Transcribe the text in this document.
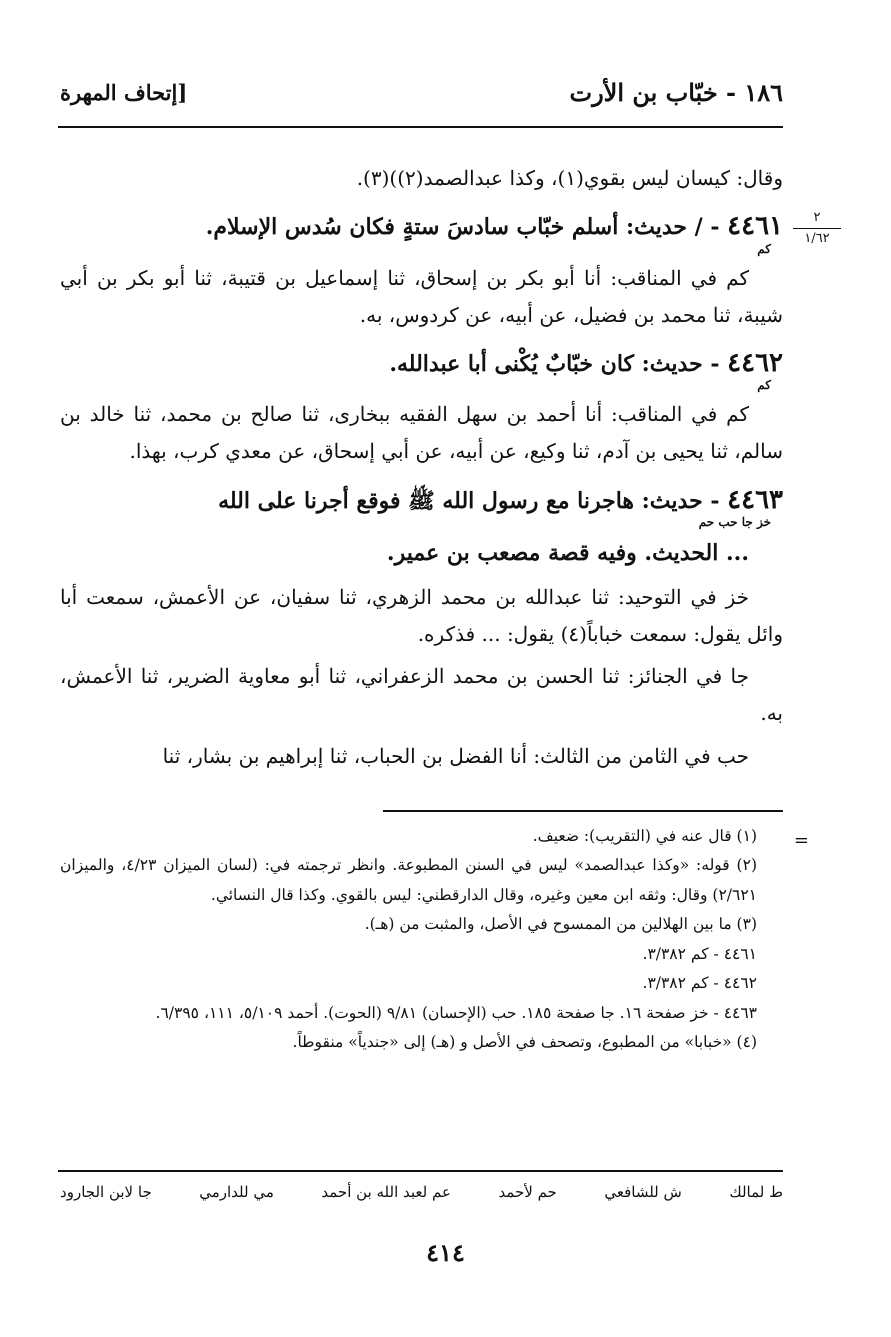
١٨٦ - خبّاب بن الأرت
[إتحاف المهرة
٢
١/٦٢

وقال: كيسان ليس بقوي(١)، وكذا عبدالصمد(٢))(٣).

٤٤٦١ - / حديث: أسلم خبّاب سادسَ ستةٍ فكان سُدس الإسلام.
كم

كم في المناقب: أنا أبو بكر بن إسحاق، ثنا إسماعيل بن قتيبة، ثنا أبو بكر بن أبي شيبة، ثنا محمد بن فضيل، عن أبيه، عن كردوس، به.

٤٤٦٢ - حديث: كان خبّابٌ يُكْنى أبا عبدالله.
كم

كم في المناقب: أنا أحمد بن سهل الفقيه ببخارى، ثنا صالح بن محمد، ثنا خالد بن سالم، ثنا يحيى بن آدم، ثنا وكيع، عن أبيه، عن أبي إسحاق، عن معدي كرب، بهذا.

٤٤٦٣ - حديث: هاجرنا مع رسول الله ﷺ فوقع أجرنا على الله
خز جا حب حم

... الحديث. وفيه قصة مصعب بن عمير.

خز في التوحيد: ثنا عبدالله بن محمد الزهري، ثنا سفيان، عن الأعمش، سمعت أبا وائل يقول: سمعت خباباً(٤) يقول: ... فذكره.

جا في الجنائز: ثنا الحسن بن محمد الزعفراني، ثنا أبو معاوية الضرير، ثنا الأعمش، به.

حب في الثامن من الثالث: أنا الفضل بن الحباب، ثنا إبراهيم بن بشار، ثنا

=

(١) قال عنه في (التقريب): ضعيف.

(٢) قوله: «وكذا عبدالصمد» ليس في السنن المطبوعة. وانظر ترجمته في: (لسان الميزان ٤/٢٣، والميزان ٢/٦٢١) وقال: وثقه ابن معين وغيره، وقال الدارقطني: ليس بالقوي. وكذا قال النسائي.

(٣) ما بين الهلالين من الممسوح في الأصل، والمثبت من (هـ).

٤٤٦١ - كم ٣/٣٨٢.

٤٤٦٢ - كم ٣/٣٨٢.

٤٤٦٣ - خز صفحة ١٦. جا صفحة ١٨٥. حب (الإحسان) ٩/٨١ (الحوت). أحمد ٥/١٠٩، ١١١، ٦/٣٩٥.

(٤) «خبابا» من المطبوع، وتصحف في الأصل و (هـ) إلى «جندياً» منقوطاً.

ط لمالك
ش للشافعي
حم لأحمد
عم لعبد الله بن أحمد
مي للدارمي
جا لابن الجارود
٤١٤
